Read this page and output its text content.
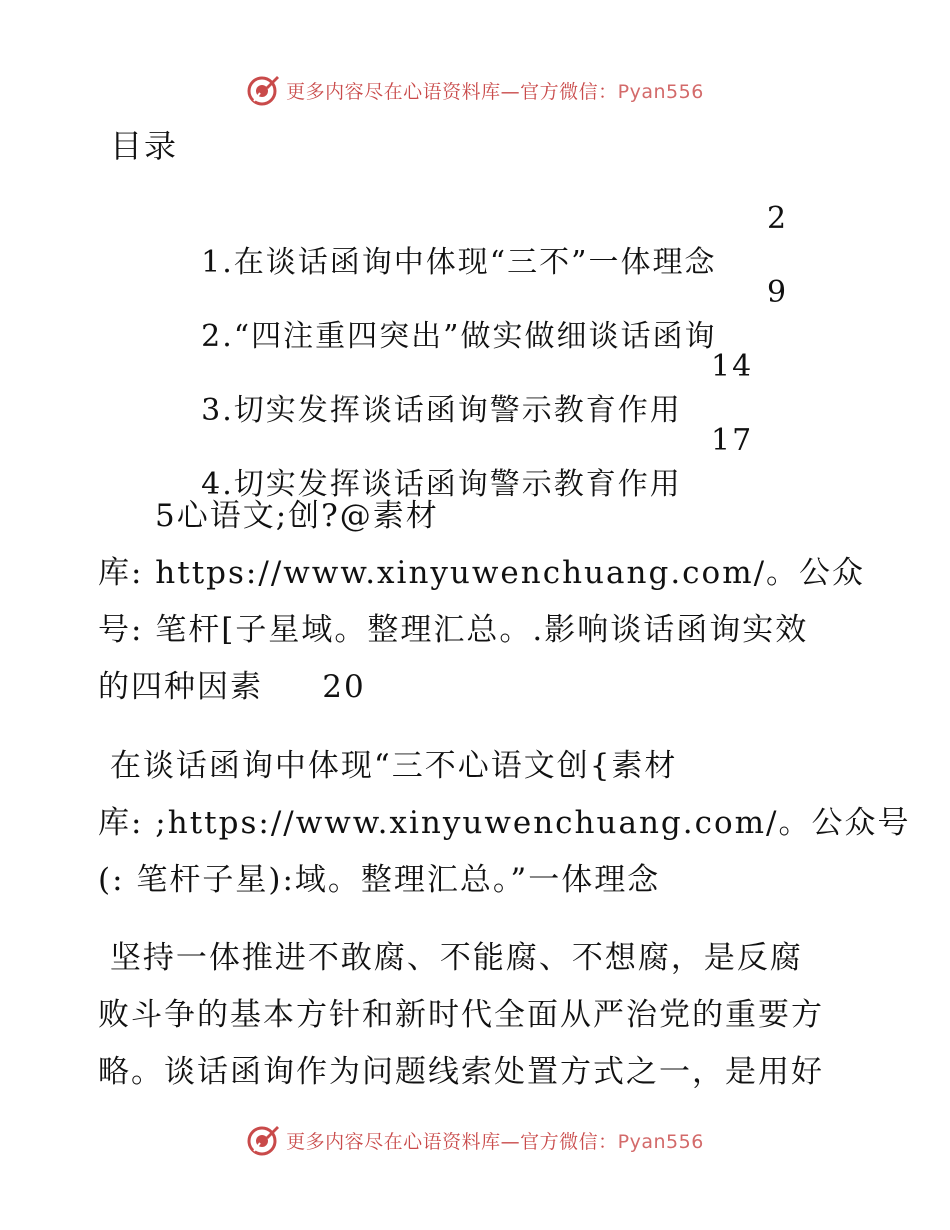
更多内容尽在心语资料库—官方微信：Pyan556
目录

1.在谈话函询中体现“三不”一体理念

2

2.“四注重四突出”做实做细谈话函询

9

3.切实发挥谈话函询警示教育作用

14

4.切实发挥谈话函询警示教育作用

17

5心语文;创?@素材
库: https://www.xinyuwenchuang.com/。公众
号: 笔杆[子星域。整理汇总。.影响谈话函询实效
的四种因素     20
在谈话函询中体现“三不心语文创{素材
库: ;https://www.xinyuwenchuang.com/。公众号
(: 笔杆子星):域。整理汇总。”一体理念
坚持一体推进不敢腐、不能腐、不想腐，是反腐
败斗争的基本方针和新时代全面从严治党的重要方
略。谈话函询作为问题线索处置方式之一，是用好
更多内容尽在心语资料库—官方微信：Pyan556
